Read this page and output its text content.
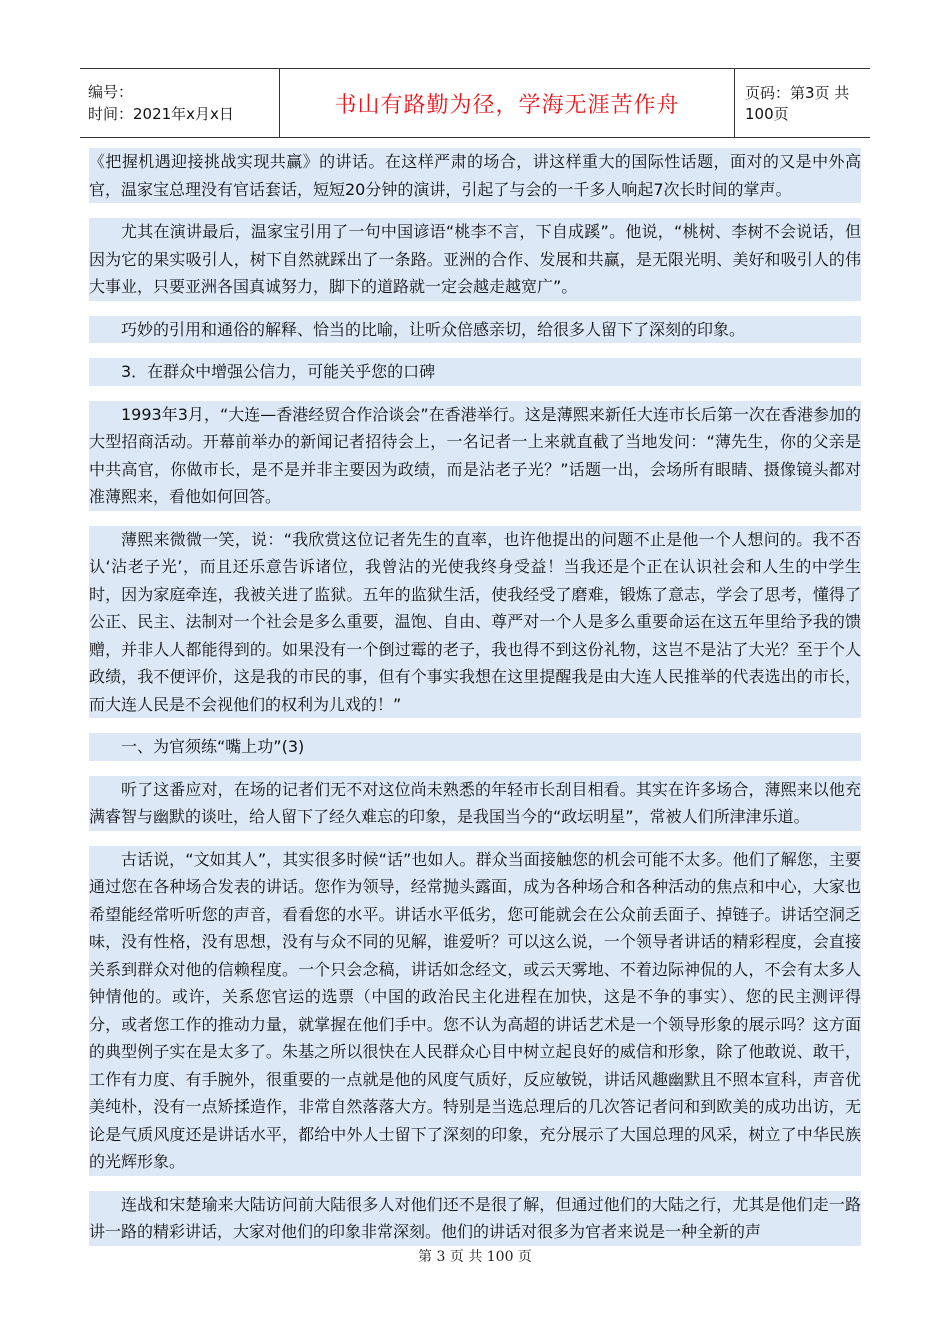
编号：
时间：2021年x月x日	书山有路勤为径，学海无涯苦作舟	页码：第3页 共100页

《把握机遇迎接挑战实现共赢》的讲话。在这样严肃的场合，讲这样重大的国际性话题，面对的又是中外高官，温家宝总理没有官话套话，短短20分钟的演讲，引起了与会的一千多人响起7次长时间的掌声。

尤其在演讲最后，温家宝引用了一句中国谚语“桃李不言，下自成蹊”。他说，“桃树、李树不会说话，但因为它的果实吸引人，树下自然就踩出了一条路。亚洲的合作、发展和共赢，是无限光明、美好和吸引人的伟大事业，只要亚洲各国真诚努力，脚下的道路就一定会越走越宽广”。

巧妙的引用和通俗的解释、恰当的比喻，让听众倍感亲切，给很多人留下了深刻的印象。

3．在群众中增强公信力，可能关乎您的口碑

1993年3月，“大连—香港经贸合作洽谈会”在香港举行。这是薄熙来新任大连市长后第一次在香港参加的大型招商活动。开幕前举办的新闻记者招待会上，一名记者一上来就直截了当地发问：“薄先生，你的父亲是中共高官，你做市长，是不是并非主要因为政绩，而是沾老子光？”话题一出，会场所有眼睛、摄像镜头都对准薄熙来，看他如何回答。

薄熙来微微一笑，说：“我欣赏这位记者先生的直率，也许他提出的问题不止是他一个人想问的。我不否认‘沾老子光’，而且还乐意告诉诸位，我曾沾的光使我终身受益！当我还是个正在认识社会和人生的中学生时，因为家庭牵连，我被关进了监狱。五年的监狱生活，使我经受了磨难，锻炼了意志，学会了思考，懂得了公正、民主、法制对一个社会是多么重要，温饱、自由、尊严对一个人是多么重要命运在这五年里给予我的馈赠，并非人人都能得到的。如果没有一个倒过霉的老子，我也得不到这份礼物，这岂不是沾了大光？至于个人政绩，我不便评价，这是我的市民的事，但有个事实我想在这里提醒我是由大连人民推举的代表选出的市长，而大连人民是不会视他们的权利为儿戏的！”

一、为官须练“嘴上功”(3)

听了这番应对，在场的记者们无不对这位尚未熟悉的年轻市长刮目相看。其实在许多场合，薄熙来以他充满睿智与幽默的谈吐，给人留下了经久难忘的印象，是我国当今的“政坛明星”，常被人们所津津乐道。

古话说，“文如其人”，其实很多时候“话”也如人。群众当面接触您的机会可能不太多。他们了解您，主要通过您在各种场合发表的讲话。您作为领导，经常抛头露面，成为各种场合和各种活动的焦点和中心，大家也希望能经常听听您的声音，看看您的水平。讲话水平低劣，您可能就会在公众前丢面子、掉链子。讲话空洞乏味，没有性格，没有思想，没有与众不同的见解，谁爱听？可以这么说，一个领导者讲话的精彩程度，会直接关系到群众对他的信赖程度。一个只会念稿，讲话如念经文，或云天雾地、不着边际神侃的人，不会有太多人钟情他的。或许，关系您官运的选票（中国的政治民主化进程在加快，这是不争的事实）、您的民主测评得分，或者您工作的推动力量，就掌握在他们手中。您不认为高超的讲话艺术是一个领导形象的展示吗？这方面的典型例子实在是太多了。朱基之所以很快在人民群众心目中树立起良好的威信和形象，除了他敢说、敢干，工作有力度、有手腕外，很重要的一点就是他的风度气质好，反应敏锐，讲话风趣幽默且不照本宣科，声音优美纯朴，没有一点矫揉造作，非常自然落落大方。特别是当选总理后的几次答记者问和到欧美的成功出访，无论是气质风度还是讲话水平，都给中外人士留下了深刻的印象，充分展示了大国总理的风采，树立了中华民族的光辉形象。

连战和宋楚瑜来大陆访问前大陆很多人对他们还不是很了解，但通过他们的大陆之行，尤其是他们走一路讲一路的精彩讲话，大家对他们的印象非常深刻。他们的讲话对很多为官者来说是一种全新的声

第 3 页 共 100 页
